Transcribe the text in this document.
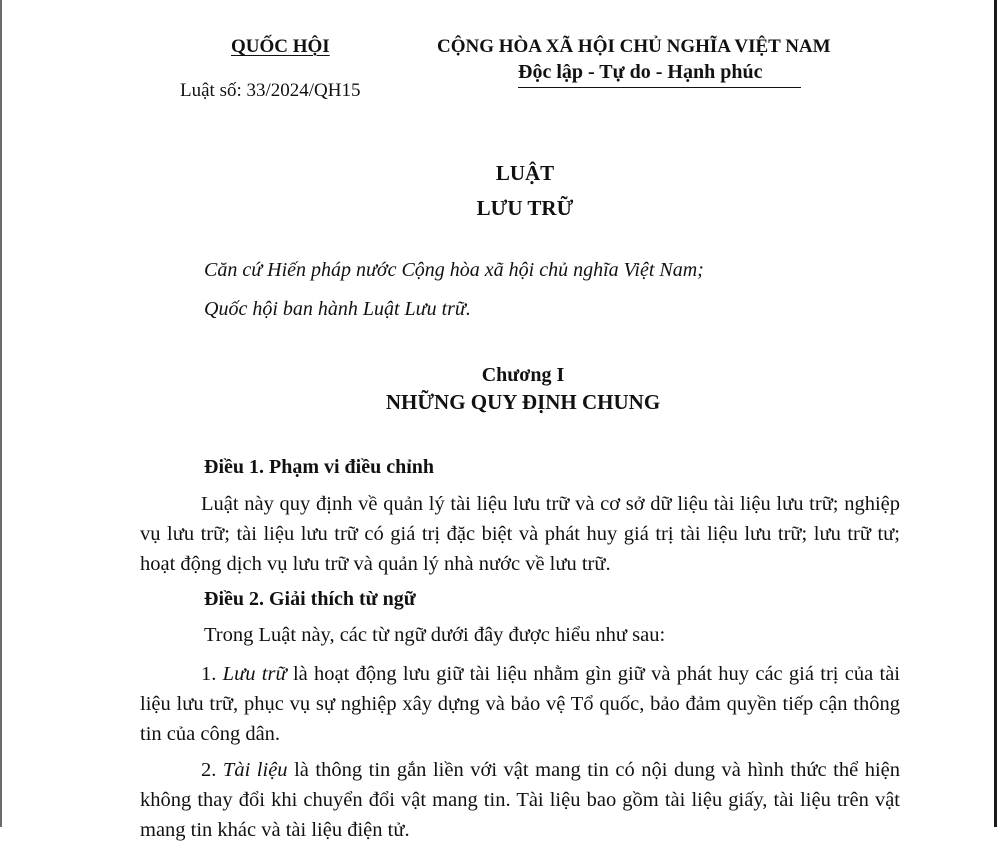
QUỐC HỘI
Luật số: 33/2024/QH15
CỘNG HÒA XÃ HỘI CHỦ NGHĨA VIỆT NAM
Độc lập - Tự do - Hạnh phúc
LUẬT
LƯU TRỮ
Căn cứ Hiến pháp nước Cộng hòa xã hội chủ nghĩa Việt Nam;
Quốc hội ban hành Luật Lưu trữ.
Chương I
NHỮNG QUY ĐỊNH CHUNG
Điều 1. Phạm vi điều chỉnh
Luật này quy định về quản lý tài liệu lưu trữ và cơ sở dữ liệu tài liệu lưu trữ; nghiệp vụ lưu trữ; tài liệu lưu trữ có giá trị đặc biệt và phát huy giá trị tài liệu lưu trữ; lưu trữ tư; hoạt động dịch vụ lưu trữ và quản lý nhà nước về lưu trữ.
Điều 2. Giải thích từ ngữ
Trong Luật này, các từ ngữ dưới đây được hiểu như sau:
1. Lưu trữ là hoạt động lưu giữ tài liệu nhằm gìn giữ và phát huy các giá trị của tài liệu lưu trữ, phục vụ sự nghiệp xây dựng và bảo vệ Tổ quốc, bảo đảm quyền tiếp cận thông tin của công dân.
2. Tài liệu là thông tin gắn liền với vật mang tin có nội dung và hình thức thể hiện không thay đổi khi chuyển đổi vật mang tin. Tài liệu bao gồm tài liệu giấy, tài liệu trên vật mang tin khác và tài liệu điện tử.
